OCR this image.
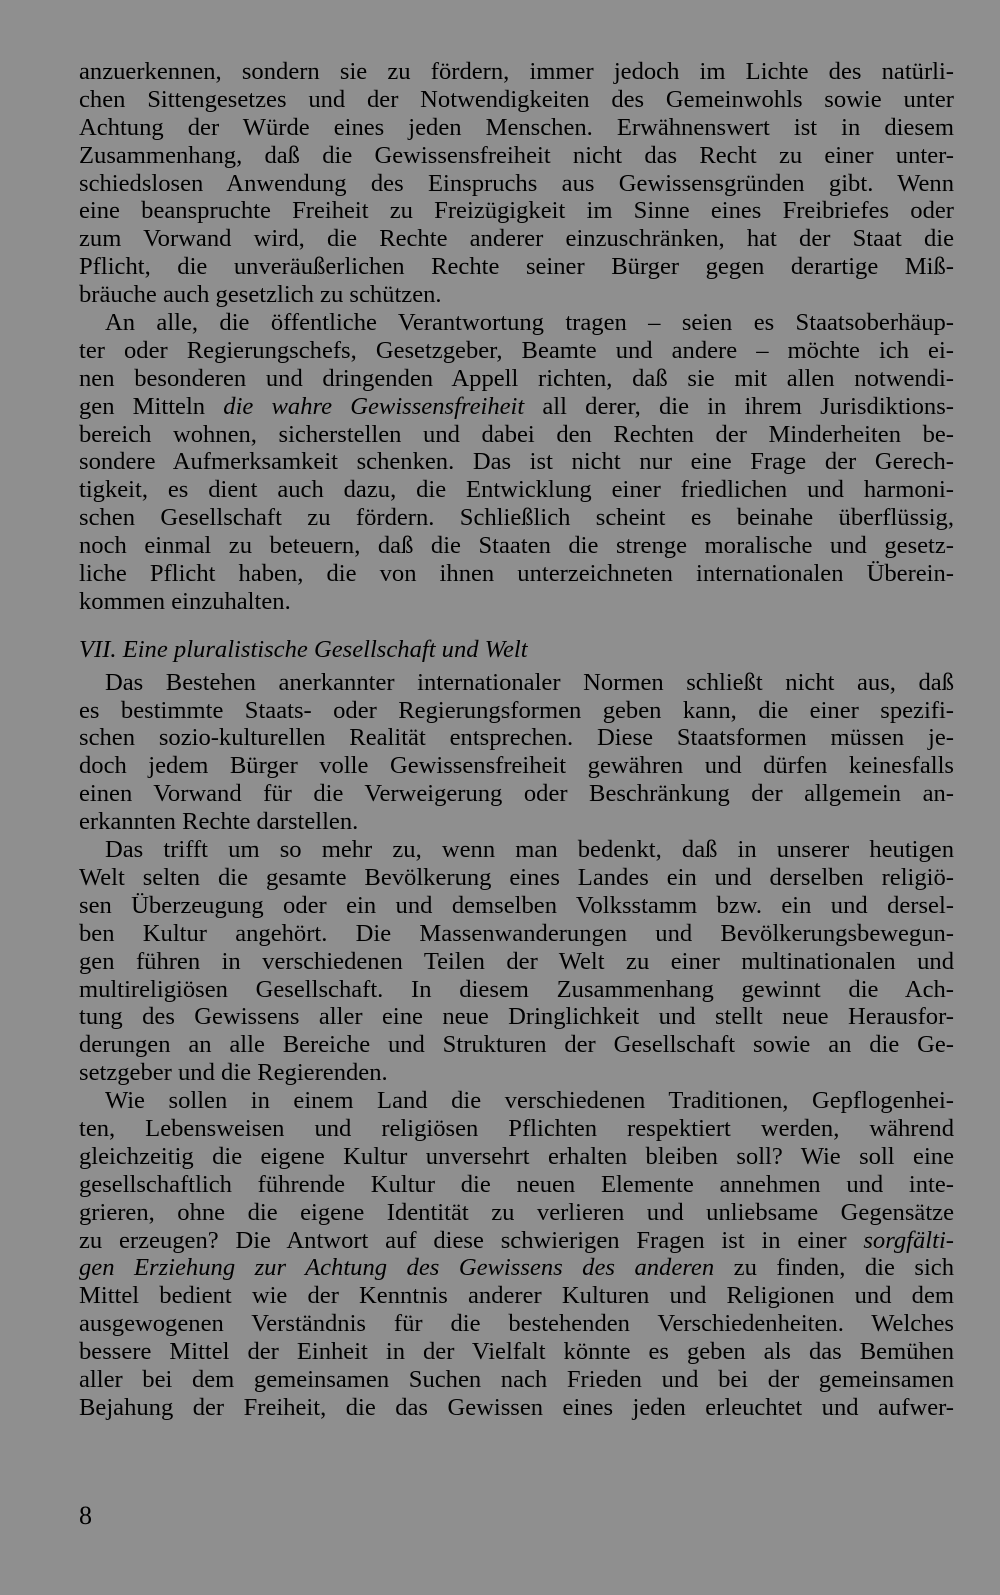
anzuerkennen, sondern sie zu fördern, immer jedoch im Lichte des natürli-
chen Sittengesetzes und der Notwendigkeiten des Gemeinwohls sowie unter
Achtung der Würde eines jeden Menschen. Erwähnenswert ist in diesem
Zusammenhang, daß die Gewissensfreiheit nicht das Recht zu einer unter-
schiedslosen Anwendung des Einspruchs aus Gewissensgründen gibt. Wenn
eine beanspruchte Freiheit zu Freizügigkeit im Sinne eines Freibriefes oder
zum Vorwand wird, die Rechte anderer einzuschränken, hat der Staat die
Pflicht, die unveräußerlichen Rechte seiner Bürger gegen derartige Miß-
bräuche auch gesetzlich zu schützen.
An alle, die öffentliche Verantwortung tragen – seien es Staatsoberhäup-
ter oder Regierungschefs, Gesetzgeber, Beamte und andere – möchte ich ei-
nen besonderen und dringenden Appell richten, daß sie mit allen notwendi-
gen Mitteln die wahre Gewissensfreiheit all derer, die in ihrem Jurisdiktions-
bereich wohnen, sicherstellen und dabei den Rechten der Minderheiten be-
sondere Aufmerksamkeit schenken. Das ist nicht nur eine Frage der Gerech-
tigkeit, es dient auch dazu, die Entwicklung einer friedlichen und harmoni-
schen Gesellschaft zu fördern. Schließlich scheint es beinahe überflüssig,
noch einmal zu beteuern, daß die Staaten die strenge moralische und gesetz-
liche Pflicht haben, die von ihnen unterzeichneten internationalen Überein-
kommen einzuhalten.
VII. Eine pluralistische Gesellschaft und Welt
Das Bestehen anerkannter internationaler Normen schließt nicht aus, daß
es bestimmte Staats- oder Regierungsformen geben kann, die einer spezifi-
schen sozio-kulturellen Realität entsprechen. Diese Staatsformen müssen je-
doch jedem Bürger volle Gewissensfreiheit gewähren und dürfen keinesfalls
einen Vorwand für die Verweigerung oder Beschränkung der allgemein an-
erkannten Rechte darstellen.
Das trifft um so mehr zu, wenn man bedenkt, daß in unserer heutigen
Welt selten die gesamte Bevölkerung eines Landes ein und derselben religiö-
sen Überzeugung oder ein und demselben Volksstamm bzw. ein und dersel-
ben Kultur angehört. Die Massenwanderungen und Bevölkerungsbewegun-
gen führen in verschiedenen Teilen der Welt zu einer multinationalen und
multireligiösen Gesellschaft. In diesem Zusammenhang gewinnt die Ach-
tung des Gewissens aller eine neue Dringlichkeit und stellt neue Herausfor-
derungen an alle Bereiche und Strukturen der Gesellschaft sowie an die Ge-
setzgeber und die Regierenden.
Wie sollen in einem Land die verschiedenen Traditionen, Gepflogenhei-
ten, Lebensweisen und religiösen Pflichten respektiert werden, während
gleichzeitig die eigene Kultur unversehrt erhalten bleiben soll? Wie soll eine
gesellschaftlich führende Kultur die neuen Elemente annehmen und inte-
grieren, ohne die eigene Identität zu verlieren und unliebsame Gegensätze
zu erzeugen? Die Antwort auf diese schwierigen Fragen ist in einer sorgfälti-
gen Erziehung zur Achtung des Gewissens des anderen zu finden, die sich
Mittel bedient wie der Kenntnis anderer Kulturen und Religionen und dem
ausgewogenen Verständnis für die bestehenden Verschiedenheiten. Welches
bessere Mittel der Einheit in der Vielfalt könnte es geben als das Bemühen
aller bei dem gemeinsamen Suchen nach Frieden und bei der gemeinsamen
Bejahung der Freiheit, die das Gewissen eines jeden erleuchtet und aufwer-
8
